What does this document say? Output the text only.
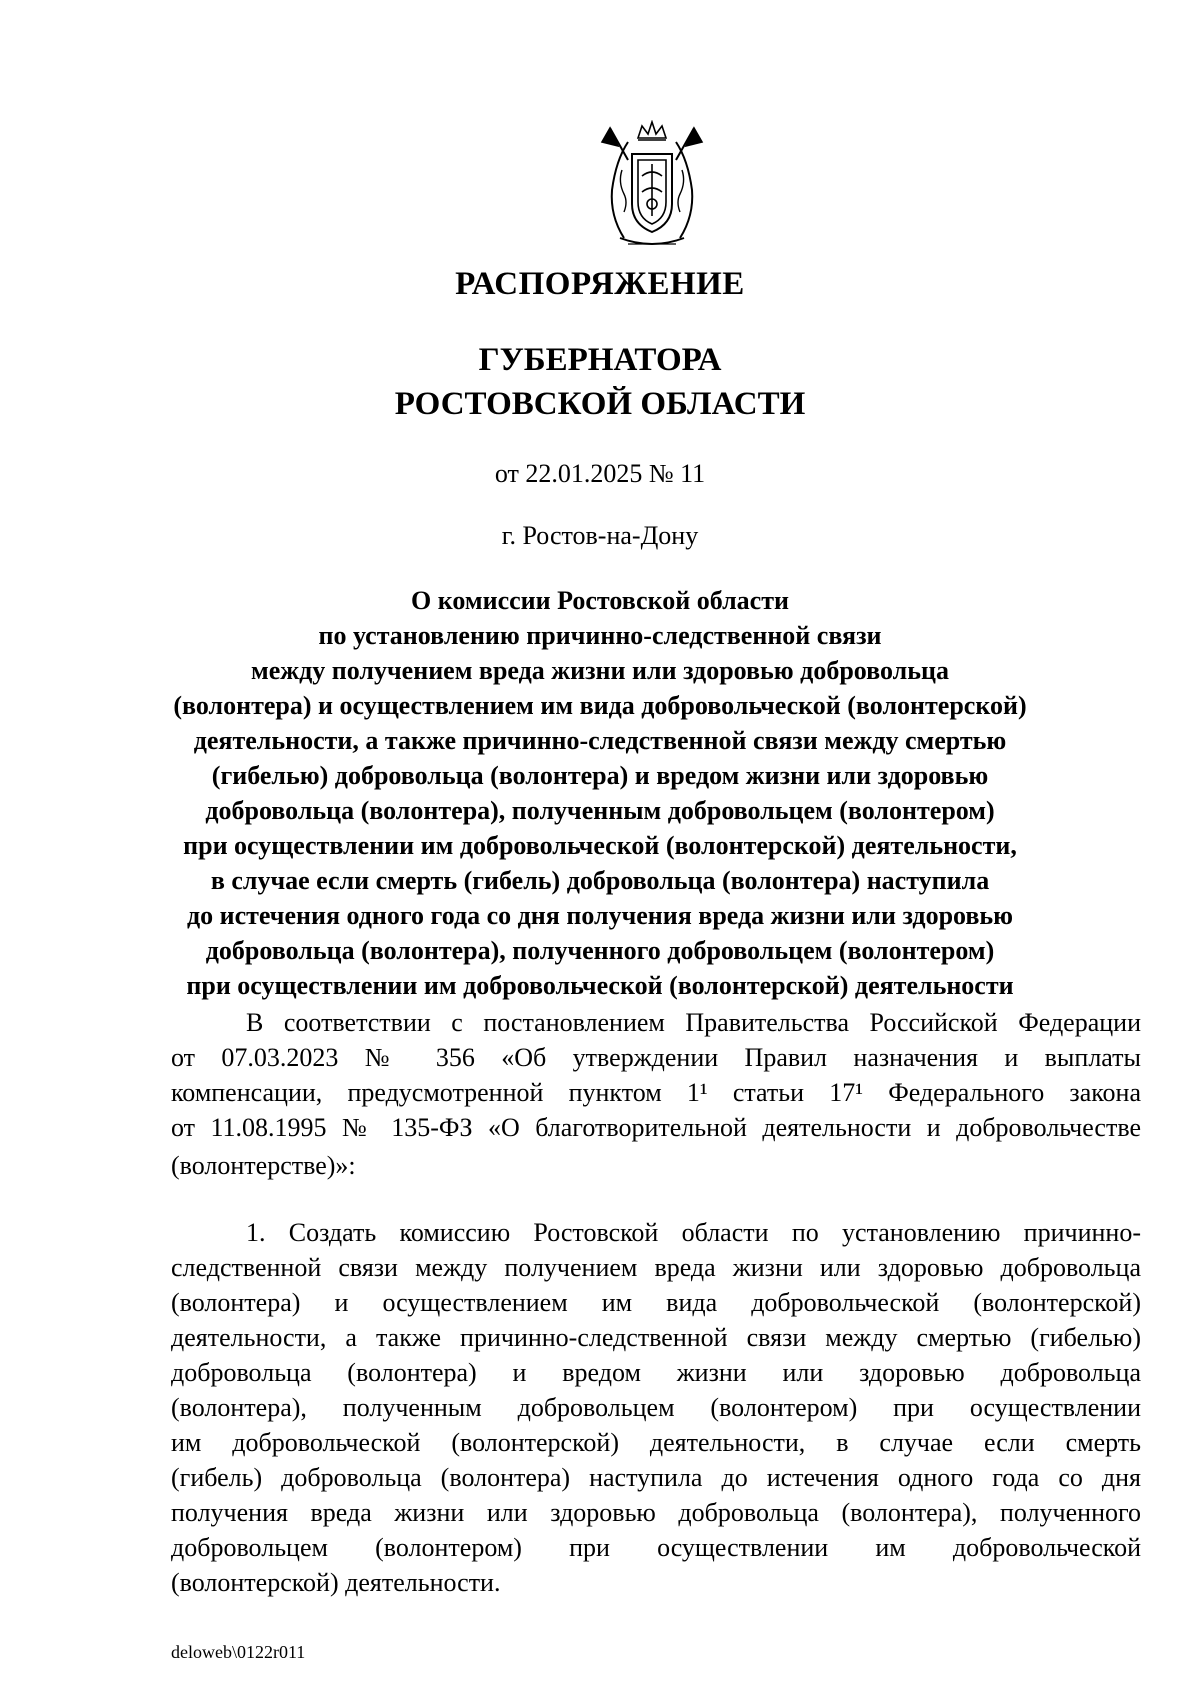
РАСПОРЯЖЕНИЕ
ГУБЕРНАТОРА
РОСТОВСКОЙ ОБЛАСТИ

от 22.01.2025 № 11

г. Ростов-на-Дону

О комиссии Ростовской области
по установлению причинно-следственной связи
между получением вреда жизни или здоровью добровольца
(волонтера) и осуществлением им вида добровольческой (волонтерской)
деятельности, а также причинно-следственной связи между смертью
(гибелью) добровольца (волонтера) и вредом жизни или здоровью
добровольца (волонтера), полученным добровольцем (волонтером)
при осуществлении им добровольческой (волонтерской) деятельности,
в случае если смерть (гибель) добровольца (волонтера) наступила
до истечения одного года со дня получения вреда жизни или здоровью
добровольца (волонтера), полученного добровольцем (волонтером)
при осуществлении им добровольческой (волонтерской) деятельности
В соответствии с постановлением Правительства Российской Федерации
от 07.03.2023 № 356 «Об утверждении Правил назначения и выплаты
компенсации, предусмотренной пунктом 1¹ статьи 17¹ Федерального закона
от 11.08.1995 № 135-ФЗ «О благотворительной деятельности и добровольчестве
(волонтерстве)»:
1. Создать комиссию Ростовской области по установлению причинно-
следственной связи между получением вреда жизни или здоровью добровольца
(волонтера) и осуществлением им вида добровольческой (волонтерской)
деятельности, а также причинно-следственной связи между смертью (гибелью)
добровольца (волонтера) и вредом жизни или здоровью добровольца
(волонтера), полученным добровольцем (волонтером) при осуществлении
им добровольческой (волонтерской) деятельности, в случае если смерть
(гибель) добровольца (волонтера) наступила до истечения одного года со дня
получения вреда жизни или здоровью добровольца (волонтера), полученного
добровольцем (волонтером) при осуществлении им добровольческой
(волонтерской) деятельности.

deloweb\0122r011
